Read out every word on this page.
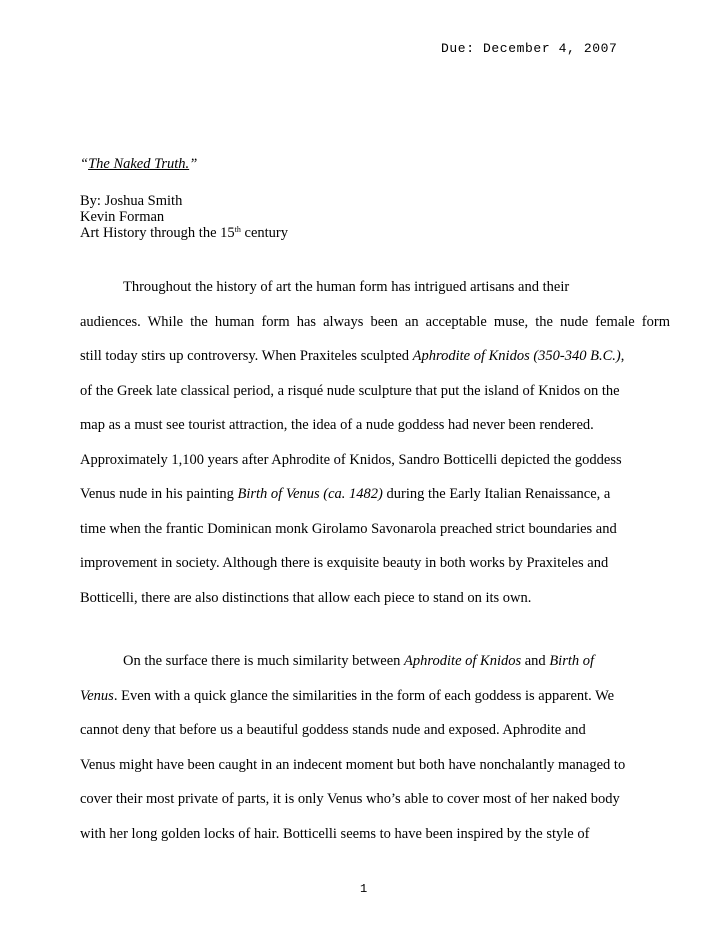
Due: December 4, 2007
“The Naked Truth.”
By: Joshua Smith
Kevin Forman
Art History through the 15th century
Throughout the history of art the human form has intrigued artisans and their
audiences. While the human form has always been an acceptable muse, the nude female form
still today stirs up controversy. When Praxiteles sculpted Aphrodite of Knidos (350-340 B.C.),
of the Greek late classical period, a risqué nude sculpture that put the island of Knidos on the
map as a must see tourist attraction, the idea of a nude goddess had never been rendered.
Approximately 1,100 years after Aphrodite of Knidos, Sandro Botticelli depicted the goddess
Venus nude in his painting Birth of Venus (ca. 1482) during the Early Italian Renaissance, a
time when the frantic Dominican monk Girolamo Savonarola preached strict boundaries and
improvement in society. Although there is exquisite beauty in both works by Praxiteles and
Botticelli, there are also distinctions that allow each piece to stand on its own.
On the surface there is much similarity between Aphrodite of Knidos and Birth of
Venus. Even with a quick glance the similarities in the form of each goddess is apparent. We
cannot deny that before us a beautiful goddess stands nude and exposed. Aphrodite and
Venus might have been caught in an indecent moment but both have nonchalantly managed to
cover their most private of parts, it is only Venus who’s able to cover most of her naked body
with her long golden locks of hair. Botticelli seems to have been inspired by the style of
1
